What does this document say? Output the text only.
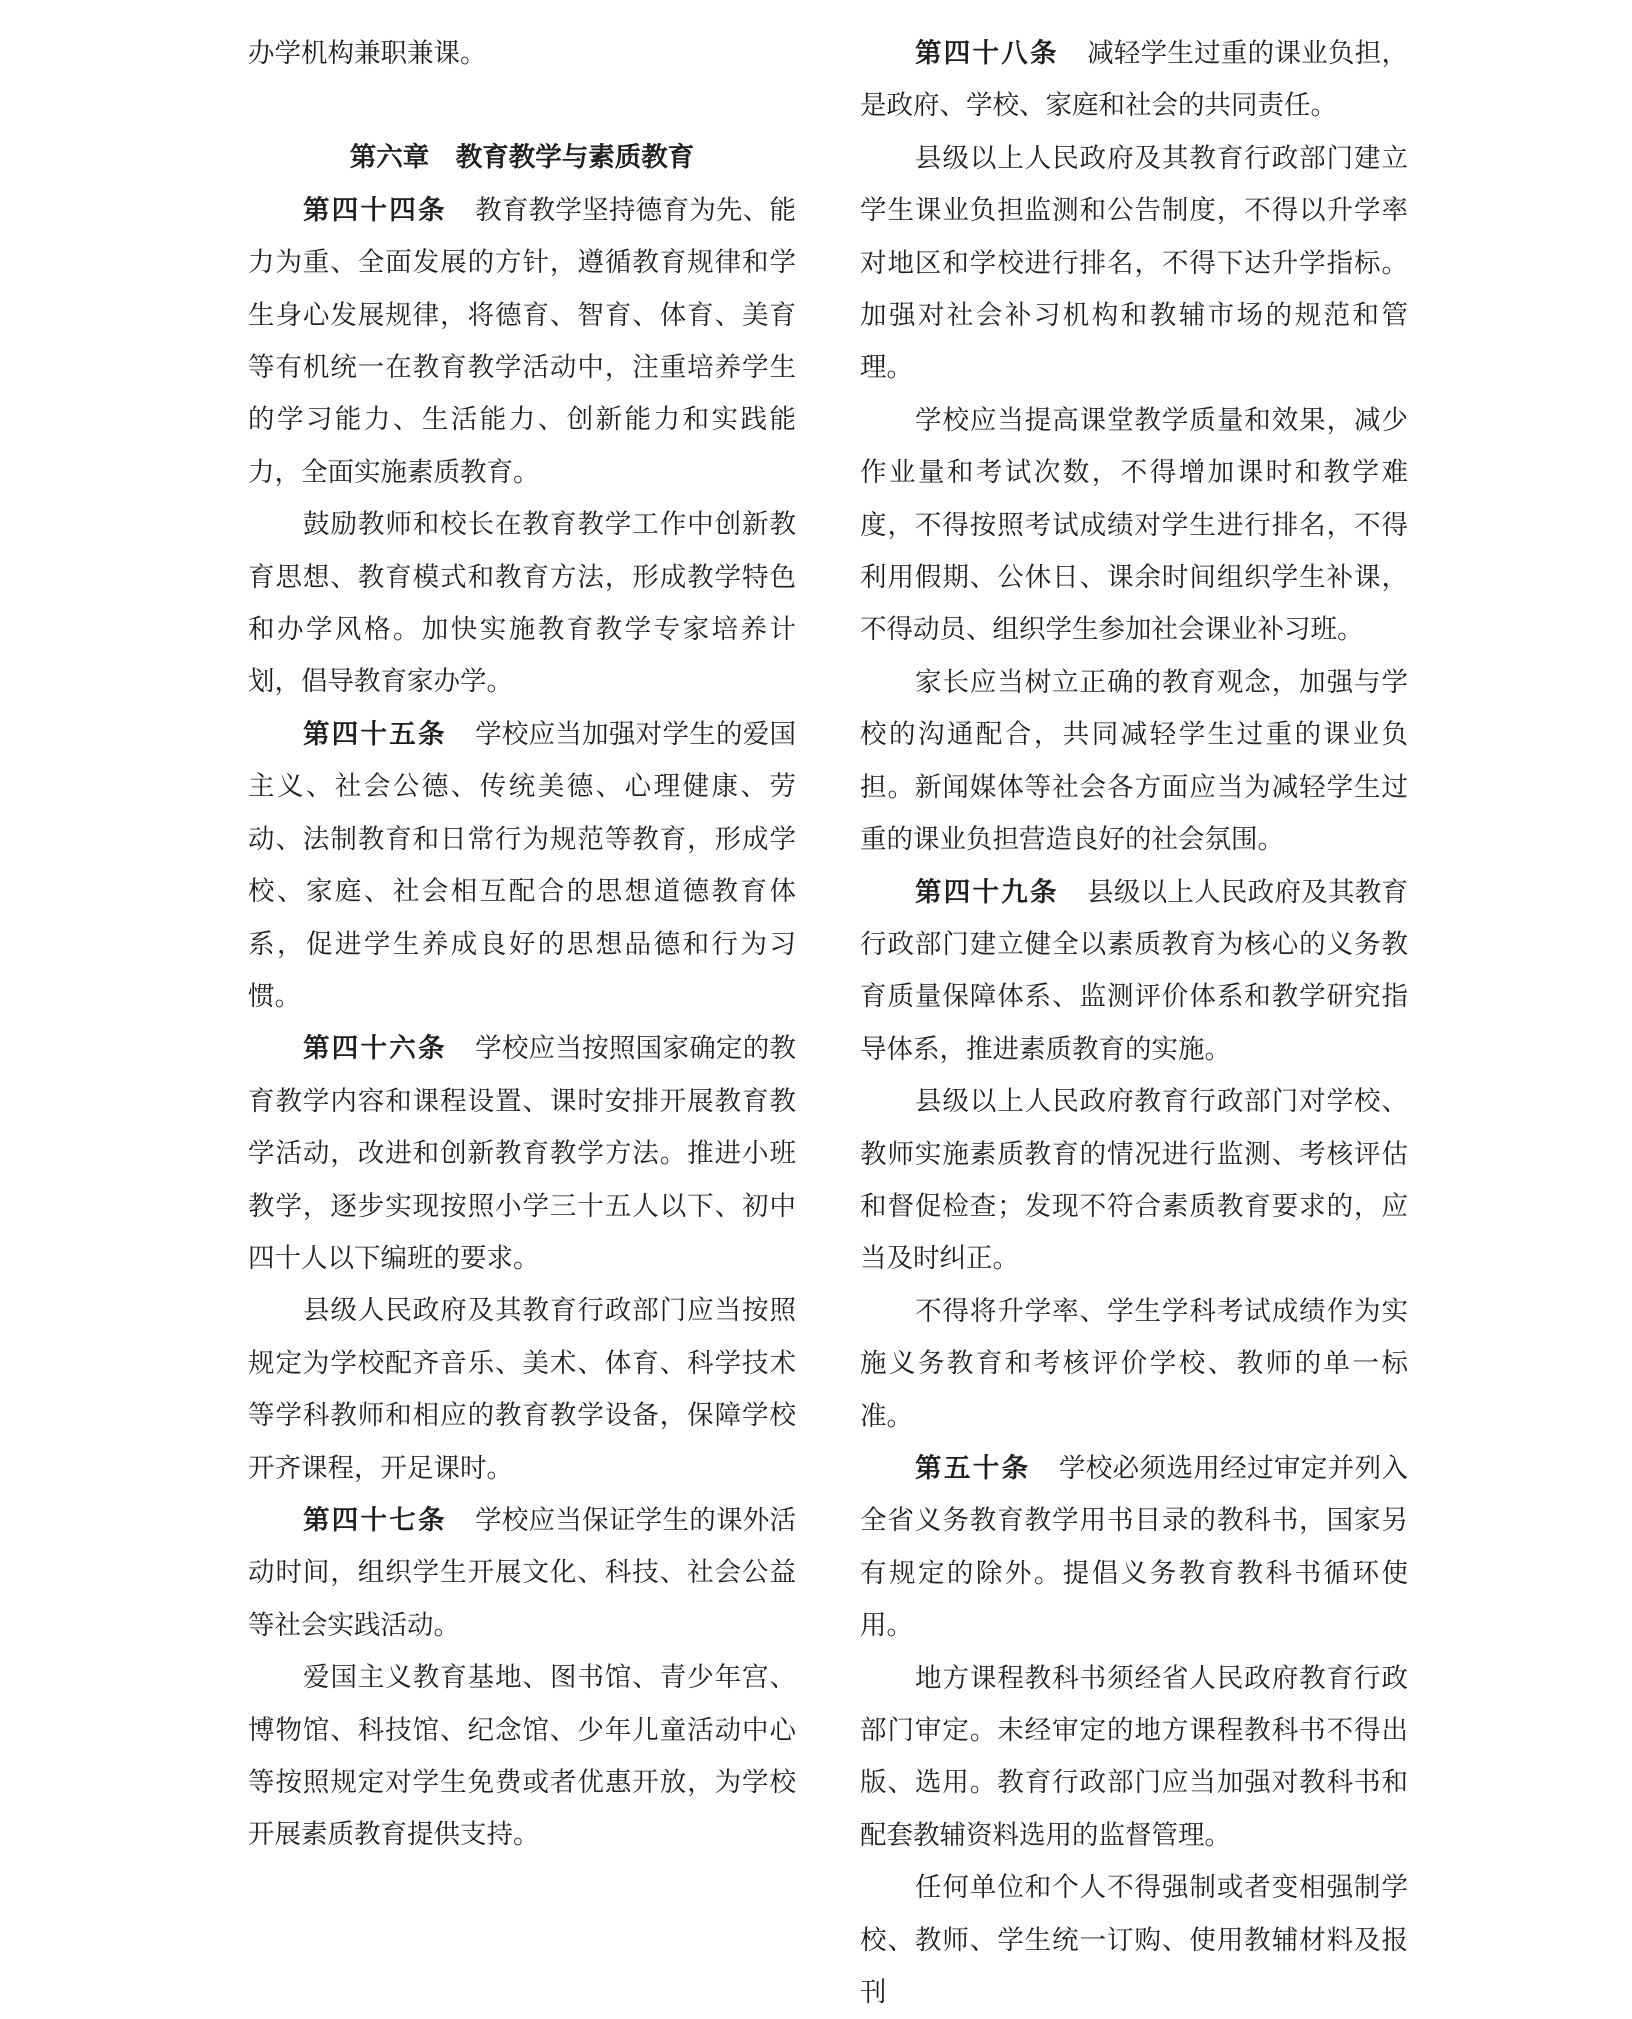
办学机构兼职兼课。

第六章　教育教学与素质教育

第四十四条 教育教学坚持德育为先、能力为重、全面发展的方针，遵循教育规律和学生身心发展规律，将德育、智育、体育、美育等有机统一在教育教学活动中，注重培养学生的学习能力、生活能力、创新能力和实践能力，全面实施素质教育。

鼓励教师和校长在教育教学工作中创新教育思想、教育模式和教育方法，形成教学特色和办学风格。加快实施教育教学专家培养计划，倡导教育家办学。

第四十五条 学校应当加强对学生的爱国主义、社会公德、传统美德、心理健康、劳动、法制教育和日常行为规范等教育，形成学校、家庭、社会相互配合的思想道德教育体系，促进学生养成良好的思想品德和行为习惯。

第四十六条 学校应当按照国家确定的教育教学内容和课程设置、课时安排开展教育教学活动，改进和创新教育教学方法。推进小班教学，逐步实现按照小学三十五人以下、初中四十人以下编班的要求。

县级人民政府及其教育行政部门应当按照规定为学校配齐音乐、美术、体育、科学技术等学科教师和相应的教育教学设备，保障学校开齐课程，开足课时。

第四十七条 学校应当保证学生的课外活动时间，组织学生开展文化、科技、社会公益等社会实践活动。

爱国主义教育基地、图书馆、青少年宫、博物馆、科技馆、纪念馆、少年儿童活动中心等按照规定对学生免费或者优惠开放，为学校开展素质教育提供支持。

第四十八条 减轻学生过重的课业负担，是政府、学校、家庭和社会的共同责任。

县级以上人民政府及其教育行政部门建立学生课业负担监测和公告制度，不得以升学率对地区和学校进行排名，不得下达升学指标。加强对社会补习机构和教辅市场的规范和管理。

学校应当提高课堂教学质量和效果，减少作业量和考试次数，不得增加课时和教学难度，不得按照考试成绩对学生进行排名，不得利用假期、公休日、课余时间组织学生补课，不得动员、组织学生参加社会课业补习班。

家长应当树立正确的教育观念，加强与学校的沟通配合，共同减轻学生过重的课业负担。新闻媒体等社会各方面应当为减轻学生过重的课业负担营造良好的社会氛围。

第四十九条 县级以上人民政府及其教育行政部门建立健全以素质教育为核心的义务教育质量保障体系、监测评价体系和教学研究指导体系，推进素质教育的实施。

县级以上人民政府教育行政部门对学校、教师实施素质教育的情况进行监测、考核评估和督促检查；发现不符合素质教育要求的，应当及时纠正。

不得将升学率、学生学科考试成绩作为实施义务教育和考核评价学校、教师的单一标准。

第五十条 学校必须选用经过审定并列入全省义务教育教学用书目录的教科书，国家另有规定的除外。提倡义务教育教科书循环使用。

地方课程教科书须经省人民政府教育行政部门审定。未经审定的地方课程教科书不得出版、选用。教育行政部门应当加强对教科书和配套教辅资料选用的监督管理。

任何单位和个人不得强制或者变相强制学校、教师、学生统一订购、使用教辅材料及报刊
